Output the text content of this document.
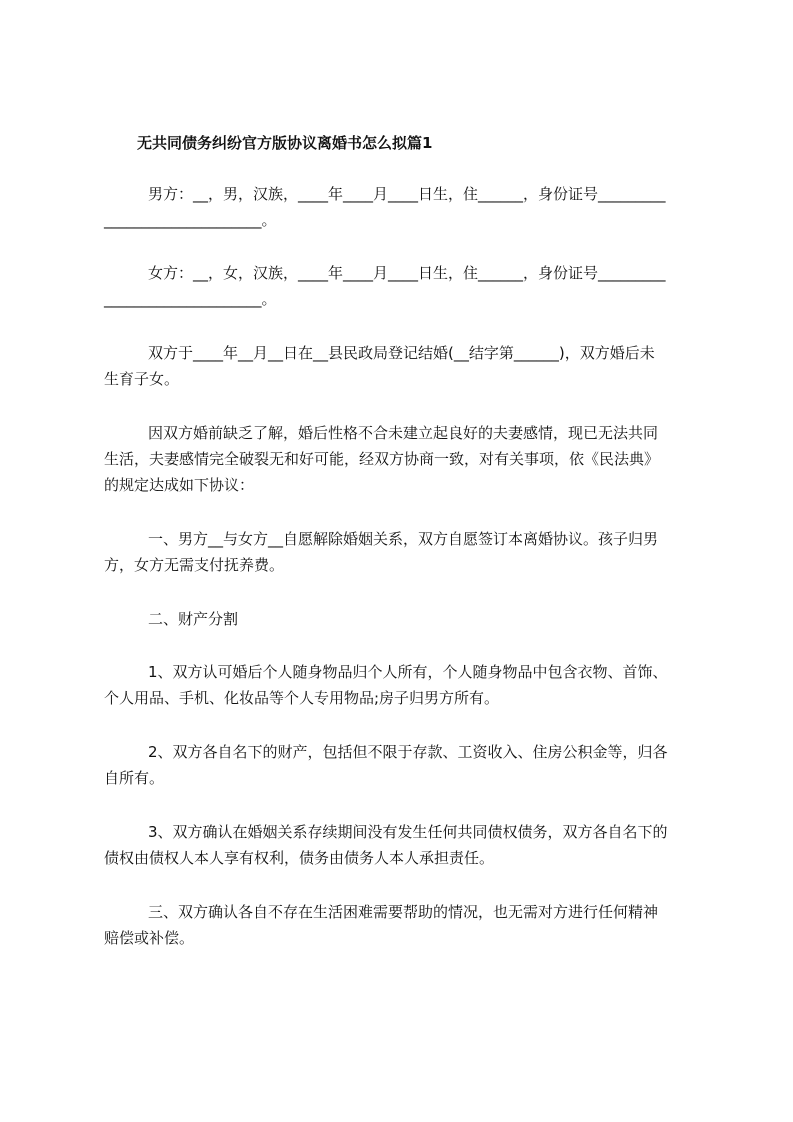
无共同债务纠纷官方版协议离婚书怎么拟篇1
男方：__，男，汉族，____年____月____日生，住______，身份证号_________
_____________________。
女方：__，女，汉族，____年____月____日生，住______，身份证号_________
_____________________。
双方于____年__月__日在__县民政局登记结婚(__结字第______)，双方婚后未
生育子女。
因双方婚前缺乏了解，婚后性格不合未建立起良好的夫妻感情，现已无法共同
生活，夫妻感情完全破裂无和好可能，经双方协商一致，对有关事项，依《民法典》
的规定达成如下协议：
一、男方__与女方__自愿解除婚姻关系，双方自愿签订本离婚协议。孩子归男
方，女方无需支付抚养费。
二、财产分割
1、双方认可婚后个人随身物品归个人所有，个人随身物品中包含衣物、首饰、
个人用品、手机、化妆品等个人专用物品;房子归男方所有。
2、双方各自名下的财产，包括但不限于存款、工资收入、住房公积金等，归各
自所有。
3、双方确认在婚姻关系存续期间没有发生任何共同债权债务，双方各自名下的
债权由债权人本人享有权利，债务由债务人本人承担责任。
三、双方确认各自不存在生活困难需要帮助的情况，也无需对方进行任何精神
赔偿或补偿。
